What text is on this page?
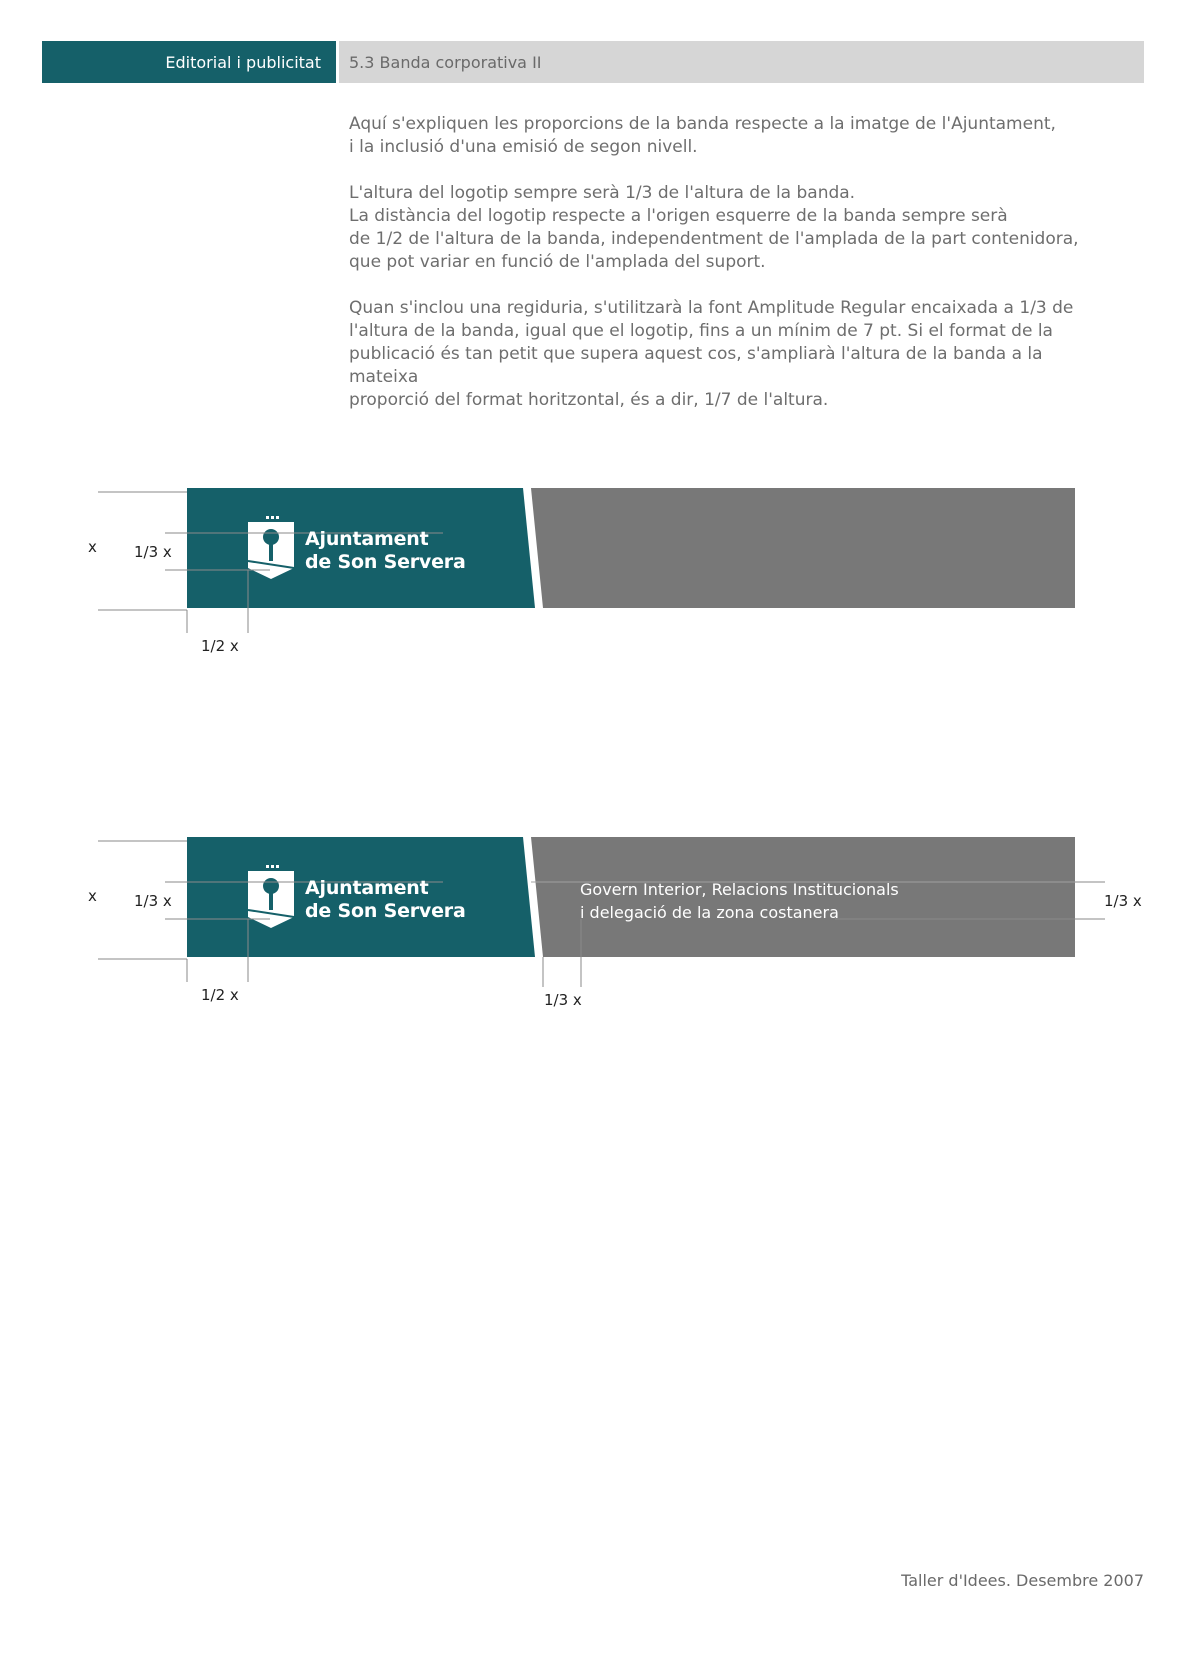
Editorial i publicitat	5.3 Banda corporativa II

Aquí s'expliquen les proporcions de la banda respecte a la imatge de l'Ajuntament,
i la inclusió d'una emisió de segon nivell.

L'altura del logotip sempre serà 1/3 de l'altura de la banda.
La distància del logotip respecte a l'origen esquerre de la banda sempre serà
de 1/2 de l'altura de la banda, independentment de l'amplada de la part contenidora,
que pot variar en funció de l'amplada del suport.

Quan s'inclou una regiduria, s'utilitzarà la font Amplitude Regular encaixada a 1/3 de
l'altura de la banda, igual que el logotip, fins a un mínim de 7 pt. Si el format de la
publicació és tan petit que supera aquest cos, s'ampliarà l'altura de la banda a la mateixa
proporció del format horitzontal, és a dir, 1/7 de l'altura.

Ajuntament
de Son Servera
x 1/3 x
1/2 x
Ajuntament
de Son Servera
Govern Interior, Relacions Institucionals
i delegació de la zona costanera
x 1/3 x
1/2 x	1/3 x
1/3 x
Taller d'Idees. Desembre 2007
